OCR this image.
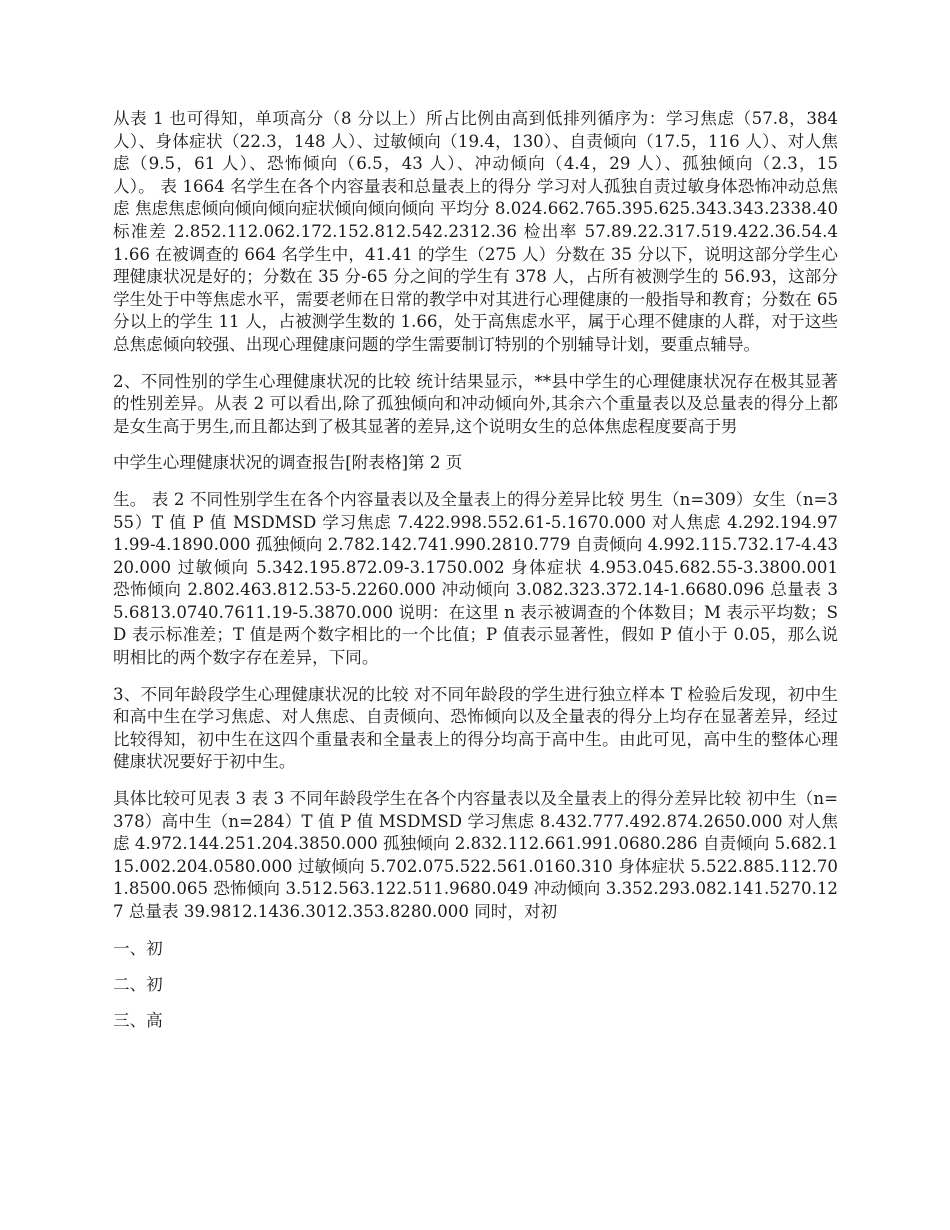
从表 1 也可得知，单项高分（8 分以上）所占比例由高到低排列循序为：学习焦虑（57.8，384 人）、身体症状（22.3，148 人）、过敏倾向（19.4，130）、自责倾向（17.5，116 人）、对人焦虑（9.5，61 人）、恐怖倾向（6.5，43 人）、冲动倾向（4.4，29 人）、孤独倾向（2.3，15 人）。 表 1664 名学生在各个内容量表和总量表上的得分 学习对人孤独自责过敏身体恐怖冲动总焦虑 焦虑焦虑倾向倾向倾向症状倾向倾向倾向 平均分 8.024.662.765.395.625.343.343.2338.40 标准差 2.852.112.062.172.152.812.542.2312.36 检出率 57.89.22.317.519.422.36.54.41.66 在被调查的 664 名学生中，41.41 的学生（275 人）分数在 35 分以下，说明这部分学生心理健康状况是好的；分数在 35 分-65 分之间的学生有 378 人，占所有被测学生的 56.93，这部分学生处于中等焦虑水平，需要老师在日常的教学中对其进行心理健康的一般指导和教育；分数在 65 分以上的学生 11 人，占被测学生数的 1.66，处于高焦虑水平，属于心理不健康的人群，对于这些总焦虑倾向较强、出现心理健康问题的学生需要制订特别的个别辅导计划，要重点辅导。

2、不同性别的学生心理健康状况的比较 统计结果显示，**县中学生的心理健康状况存在极其显著的性别差异。从表 2 可以看出,除了孤独倾向和冲动倾向外,其余六个重量表以及总量表的得分上都是女生高于男生,而且都达到了极其显著的差异,这个说明女生的总体焦虑程度要高于男

中学生心理健康状况的调查报告[附表格]第 2 页

生。 表 2 不同性别学生在各个内容量表以及全量表上的得分差异比较 男生（n=309）女生（n=355）T 值 P 值 MSDMSD 学习焦虑 7.422.998.552.61-5.1670.000 对人焦虑 4.292.194.971.99-4.1890.000 孤独倾向 2.782.142.741.990.2810.779 自责倾向 4.992.115.732.17-4.4320.000 过敏倾向 5.342.195.872.09-3.1750.002 身体症状 4.953.045.682.55-3.3800.001 恐怖倾向 2.802.463.812.53-5.2260.000 冲动倾向 3.082.323.372.14-1.6680.096 总量表 35.6813.0740.7611.19-5.3870.000 说明：在这里 n 表示被调查的个体数目；M 表示平均数；SD 表示标准差；T 值是两个数字相比的一个比值；P 值表示显著性，假如 P 值小于 0.05，那么说明相比的两个数字存在差异，下同。

3、不同年龄段学生心理健康状况的比较 对不同年龄段的学生进行独立样本 T 检验后发现，初中生和高中生在学习焦虑、对人焦虑、自责倾向、恐怖倾向以及全量表的得分上均存在显著差异，经过比较得知，初中生在这四个重量表和全量表上的得分均高于高中生。由此可见，高中生的整体心理健康状况要好于初中生。

具体比较可见表 3 表 3 不同年龄段学生在各个内容量表以及全量表上的得分差异比较 初中生（n=378）高中生（n=284）T 值 P 值 MSDMSD 学习焦虑 8.432.777.492.874.2650.000 对人焦虑 4.972.144.251.204.3850.000 孤独倾向 2.832.112.661.991.0680.286 自责倾向 5.682.115.002.204.0580.000 过敏倾向 5.702.075.522.561.0160.310 身体症状 5.522.885.112.701.8500.065 恐怖倾向 3.512.563.122.511.9680.049 冲动倾向 3.352.293.082.141.5270.127 总量表 39.9812.1436.3012.353.8280.000 同时，对初

一、初
二、初
三、高
